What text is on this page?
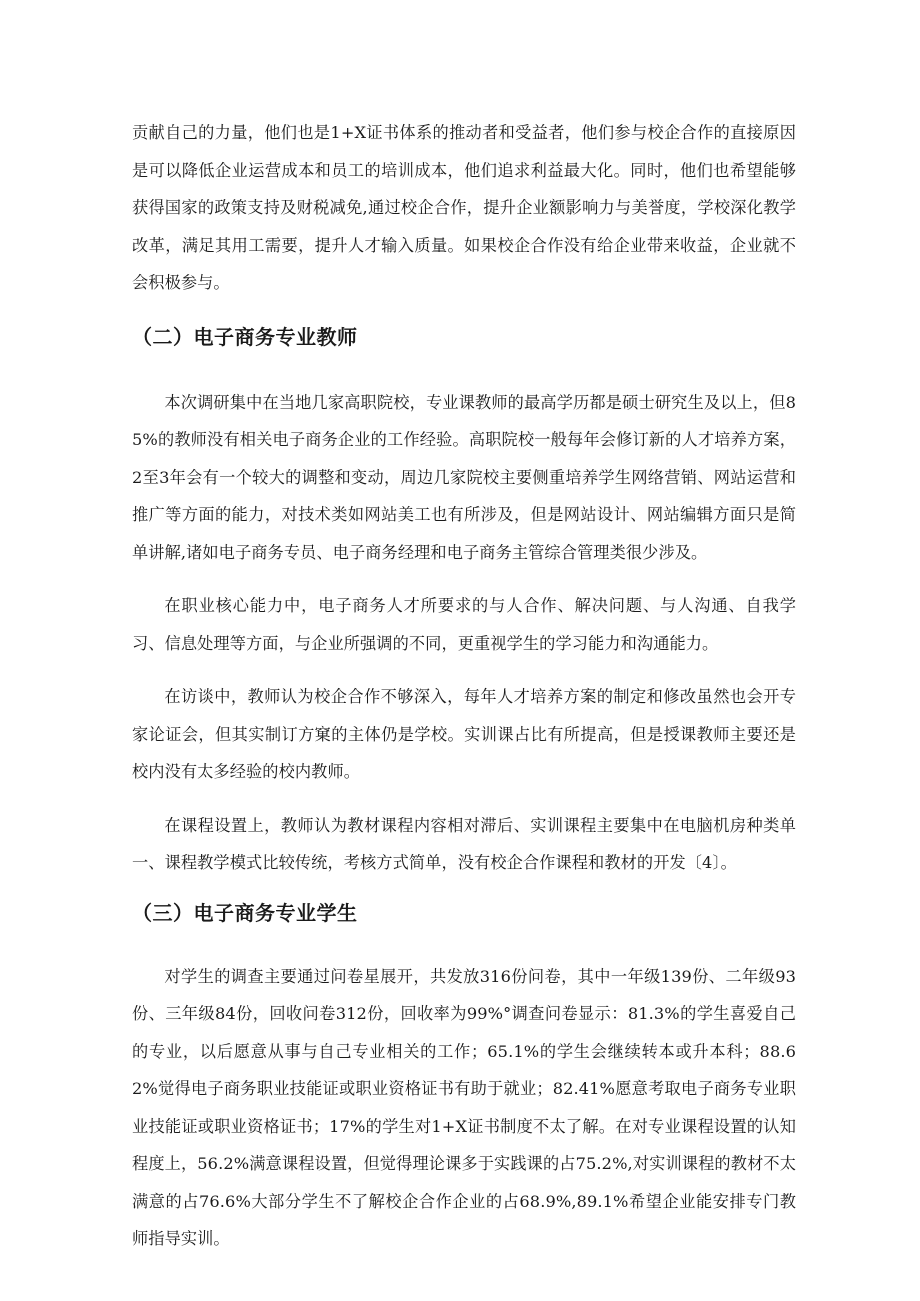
贡献自己的力量，他们也是1+X证书体系的推动者和受益者，他们参与校企合作的直接原因是可以降低企业运营成本和员工的培训成本，他们追求利益最大化。同时，他们也希望能够获得国家的政策支持及财税减免,通过校企合作，提升企业额影响力与美誉度，学校深化教学改革，满足其用工需要，提升人才输入质量。如果校企合作没有给企业带来收益，企业就不会积极参与。

（二）电子商务专业教师

本次调研集中在当地几家高职院校，专业课教师的最高学历都是硕士研究生及以上，但85%的教师没有相关电子商务企业的工作经验。高职院校一般每年会修订新的人才培养方案，2至3年会有一个较大的调整和变动，周边几家院校主要侧重培养学生网络营销、网站运营和推广等方面的能力，对技术类如网站美工也有所涉及，但是网站设计、网站编辑方面只是简单讲解,诸如电子商务专员、电子商务经理和电子商务主管综合管理类很少涉及。

在职业核心能力中，电子商务人才所要求的与人合作、解决问题、与人沟通、自我学习、信息处理等方面，与企业所强调的不同，更重视学生的学习能力和沟通能力。

在访谈中，教师认为校企合作不够深入，每年人才培养方案的制定和修改虽然也会开专家论证会，但其实制订方窠的主体仍是学校。实训课占比有所提高，但是授课教师主要还是校内没有太多经验的校内教师。

在课程设置上，教师认为教材课程内容相对滞后、实训课程主要集中在电脑机房种类单一、课程教学模式比较传统，考核方式简单，没有校企合作课程和教材的开发〔4〕。

（三）电子商务专业学生

对学生的调查主要通过问卷星展开，共发放316份问卷，其中一年级139份、二年级93份、三年级84份，回收问卷312份，回收率为99%°调查问卷显示：81.3%的学生喜爱自己的专业，以后愿意从事与自己专业相关的工作；65.1%的学生会继续转本或升本科；88.62%觉得电子商务职业技能证或职业资格证书有助于就业；82.41%愿意考取电子商务专业职业技能证或职业资格证书；17%的学生对1+X证书制度不太了解。在对专业课程设置的认知程度上，56.2%满意课程设置，但觉得理论课多于实践课的占75.2%,对实训课程的教材不太满意的占76.6%大部分学生不了解校企合作企业的占68.9%,89.1%希望企业能安排专门教师指导实训。
